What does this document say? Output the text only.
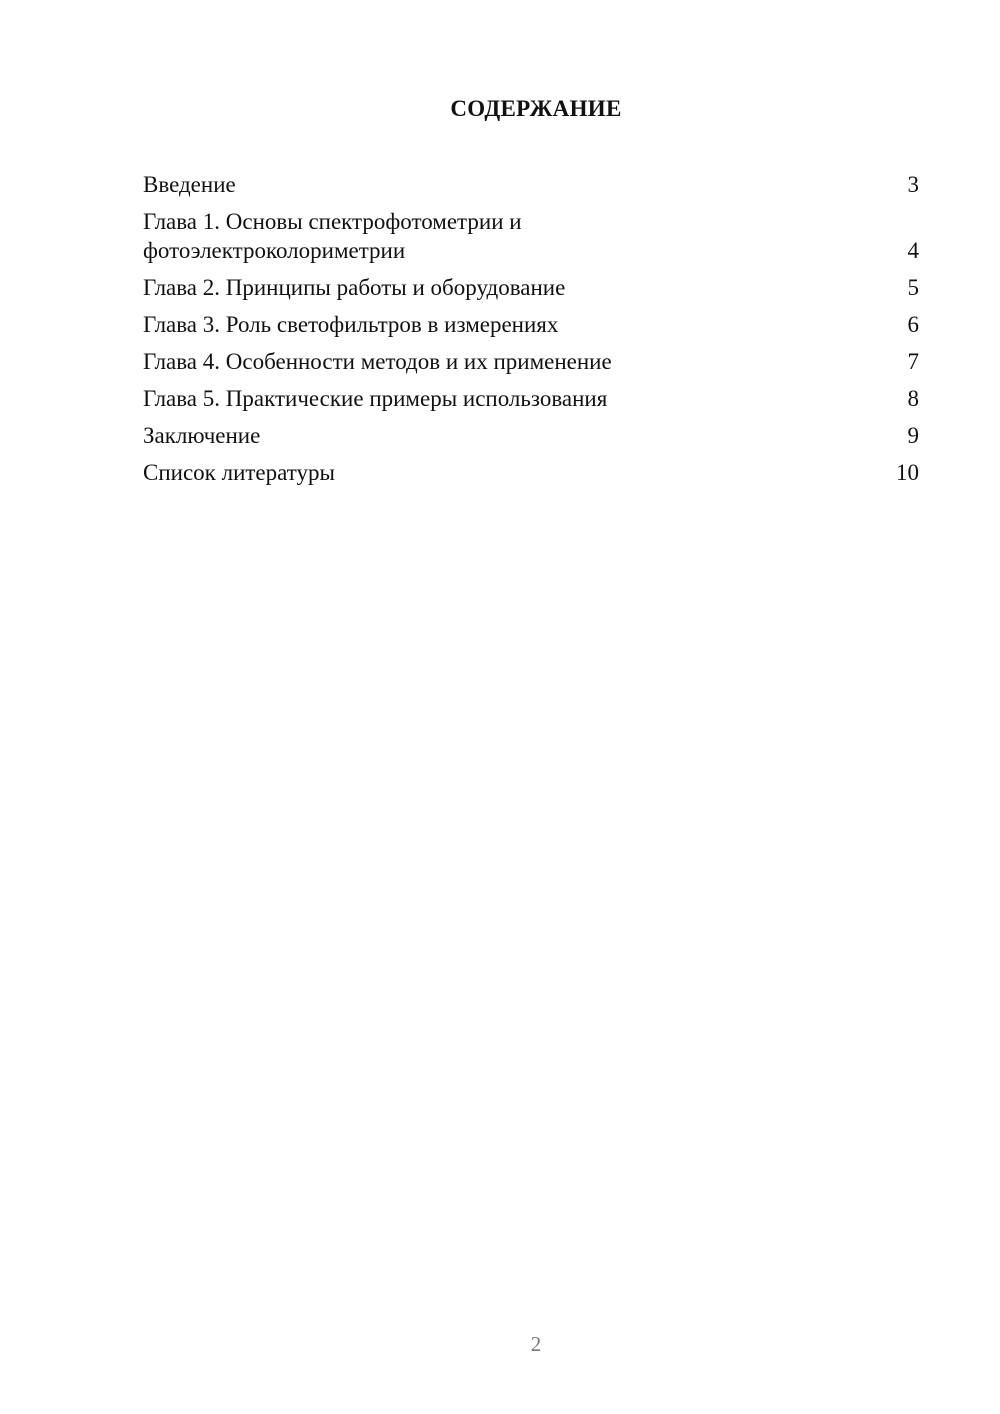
СОДЕРЖАНИЕ
Введение	3
Глава 1. Основы спектрофотометрии и
фотоэлектроколориметрии	4
Глава 2. Принципы работы и оборудование	5
Глава 3. Роль светофильтров в измерениях	6
Глава 4. Особенности методов и их применение	7
Глава 5. Практические примеры использования	8
Заключение	9
Список литературы	10
2
